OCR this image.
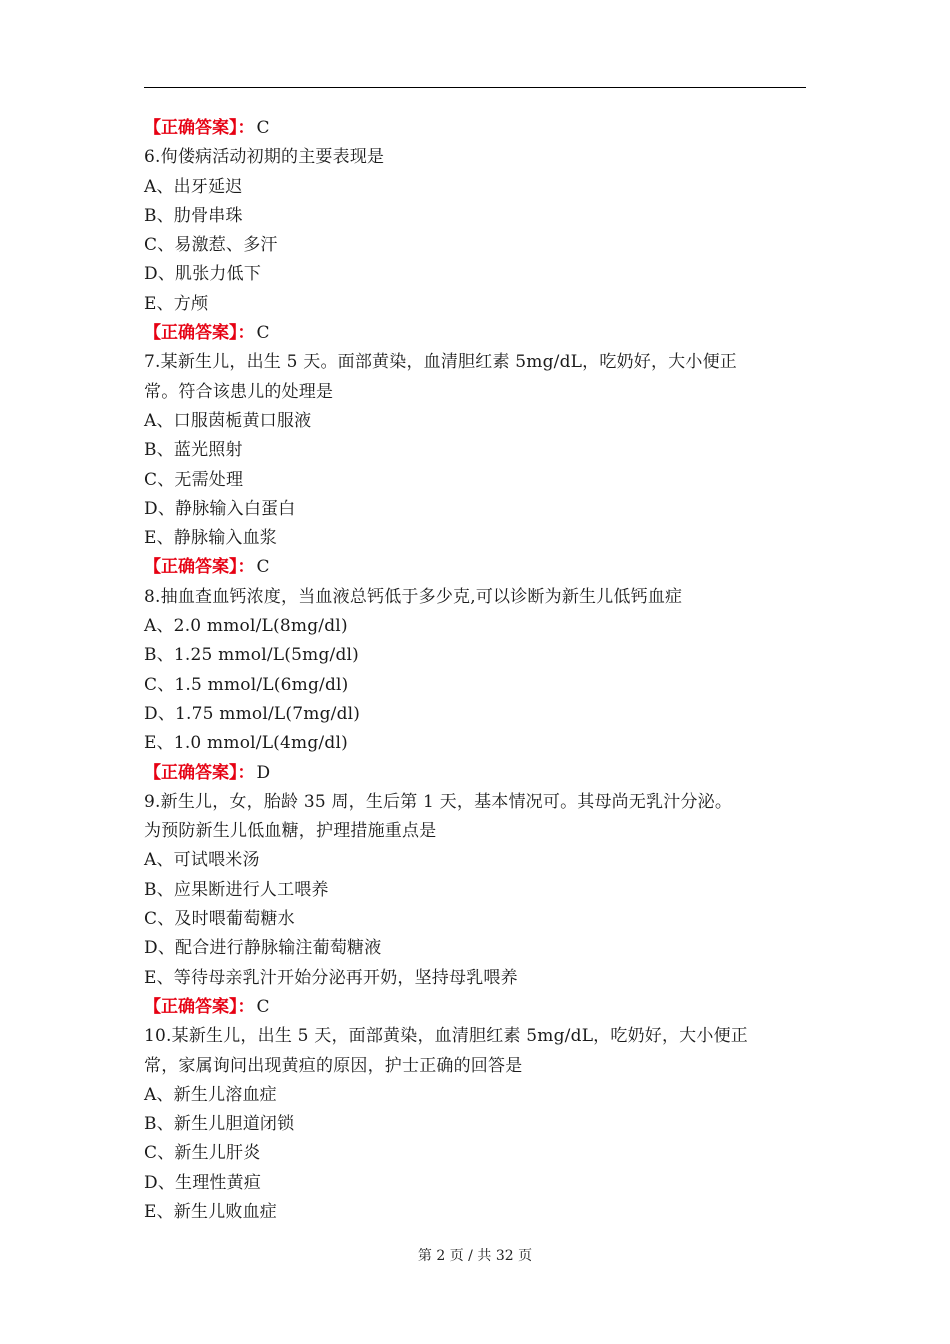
【正确答案】： C
6.佝偻病活动初期的主要表现是
A、出牙延迟
B、肋骨串珠
C、易激惹、多汗
D、肌张力低下
E、方颅
【正确答案】： C
7.某新生儿，出生 5 天。面部黄染，血清胆红素 5mg/dL，吃奶好，大小便正
常。符合该患儿的处理是
A、口服茵栀黄口服液
B、蓝光照射
C、无需处理
D、静脉输入白蛋白
E、静脉输入血浆
【正确答案】： C
8.抽血查血钙浓度，当血液总钙低于多少克,可以诊断为新生儿低钙血症
A、2.0 mmol/L(8mg/dl)
B、1.25 mmol/L(5mg/dl)
C、1.5 mmol/L(6mg/dl)
D、1.75 mmol/L(7mg/dl)
E、1.0 mmol/L(4mg/dl)
【正确答案】： D
9.新生儿，女，胎龄 35 周，生后第 1 天，基本情况可。其母尚无乳汁分泌。
为预防新生儿低血糖，护理措施重点是
A、可试喂米汤
B、应果断进行人工喂养
C、及时喂葡萄糖水
D、配合进行静脉输注葡萄糖液
E、等待母亲乳汁开始分泌再开奶，坚持母乳喂养
【正确答案】： C
10.某新生儿，出生 5 天，面部黄染，血清胆红素 5mg/dL，吃奶好，大小便正
常，家属询问出现黄疸的原因，护士正确的回答是
A、新生儿溶血症
B、新生儿胆道闭锁
C、新生儿肝炎
D、生理性黄疸
E、新生儿败血症
第 2 页 / 共 32 页
